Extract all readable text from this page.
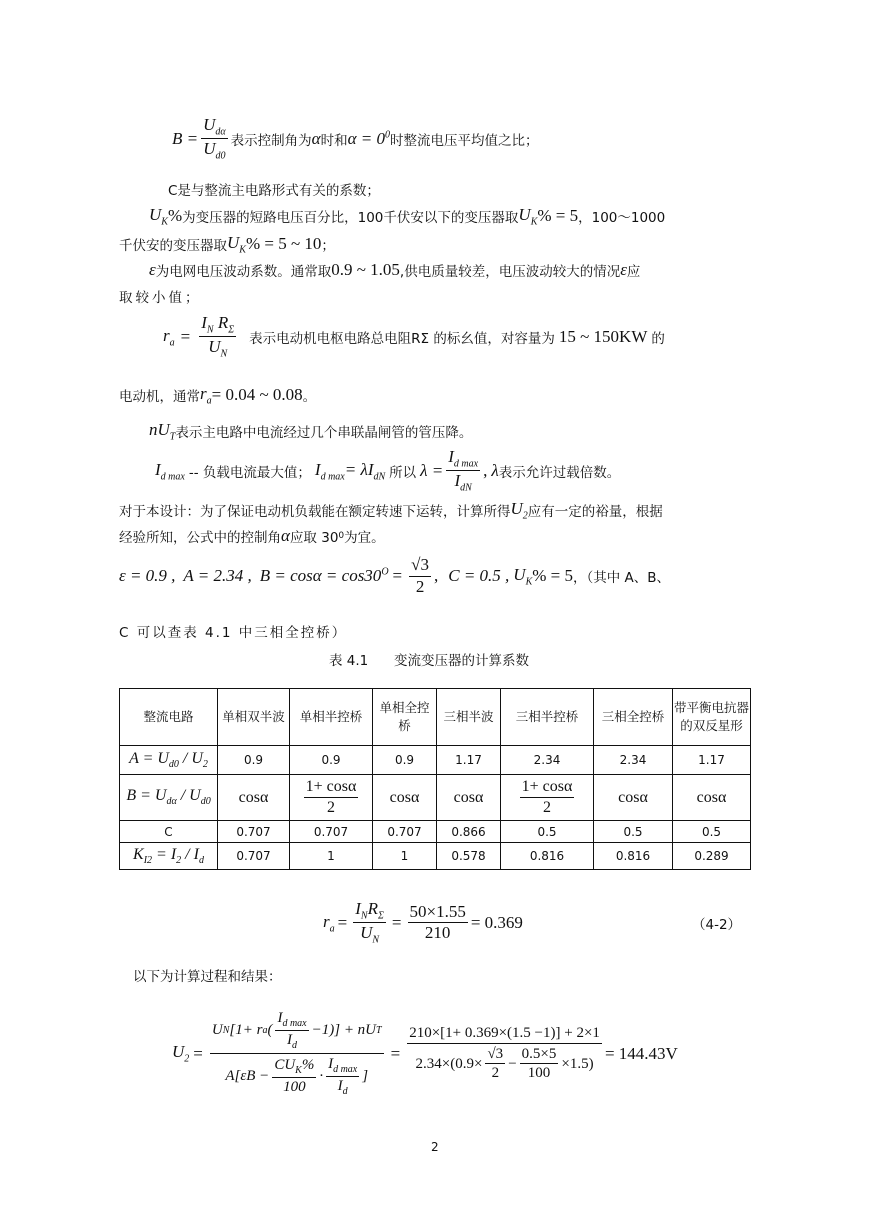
$B = \frac{U_{d\alpha}}{U_{d0}}$ 表示控制角为 α 时和 $\alpha = 0^0$ 时整流电压平均值之比；
C是与整流主电路形式有关的系数；
$U_K$ % 为变压器的短路电压百分比，100千伏安以下的变压器取 $U_K$ % = 5 ，100～1000
千伏安的变压器取 $U_K$ % = 5 ~ 10 ；
ε 为电网电压波动系数。通常取 0.9 ~ 1.05 ,供电质量较差，电压波动较大的情况 ε 应
取较小值；
$r_a = \frac{I_N R_\Sigma}{U_N}$ 表示电动机电枢电路总电阻RΣ 的标幺值，对容量为 15 ~ 150KW 的
电动机，通常 $r_a = 0.04$ ~ 0.08 。
$nU_T$ 表示主电路中电流经过几个串联晶闸管的管压降。
$I_{d max}$ -- 负载电流最大值； $I_{d max} = \lambda I_{dN}$ 所以 $\lambda = \frac{I_{d max}}{I_{dN}}$ , λ 表示允许过载倍数。
对于本设计：为了保证电动机负载能在额定转速下运转，计算所得 $U_2$ 应有一定的裕量，根据
经验所知，公式中的控制角 α 应取 30 0 为宜。
ε = 0.9 , A = 2.34 , $B = \cos\alpha = \cos 30^O = \frac{√3}{2}$ , C = 0.5 , $U_K$ % = 5 ，（其中 A、B、
C 可以查表 4.1 中三相全控桥）
表 4.1      变流变压器的计算系数
整流电路	单相双半波	单相半控桥	单相全控桥	三相半波	三相半控桥	三相全控桥	带平衡电抗器的双反星形
$A = U_{d0} / U_2$	0.9	0.9	0.9	1.17	2.34	2.34	1.17
$B = U_{d\alpha} / U_{d0}$	cosα	$\frac{1+ \cos\alpha}{2}$	cosα	cosα	$\frac{1+ \cos\alpha}{2}$	cosα	cosα
C	0.707	0.707	0.707	0.866	0.5	0.5	0.5
$K_{I2} = I_2 / I_d$	0.707	1	1	0.578	0.816	0.816	0.289
$r_a = \frac{I_NR_\Sigma}{U_N} = \frac{50\times 1.55}{210} = 0.369$	（4-2）
以下为计算过程和结果：
$U_2$ =
U N [1+ r a ( $\frac{I_{d max}}{I_d} -1$)] + nU T
$A[\varepsilon B - \frac{CU_K\%}{100} \cdot \frac{I_{d max}}{I_d}$ ]
= $\frac{210\times[1+ 0.369\times(1.5 -1)] + 2\times 1}{2.34\times(0.9\times \frac{√3}{2} - \frac{0.5\times 5}{100} \times 1.5)} = 144.43V$
2
